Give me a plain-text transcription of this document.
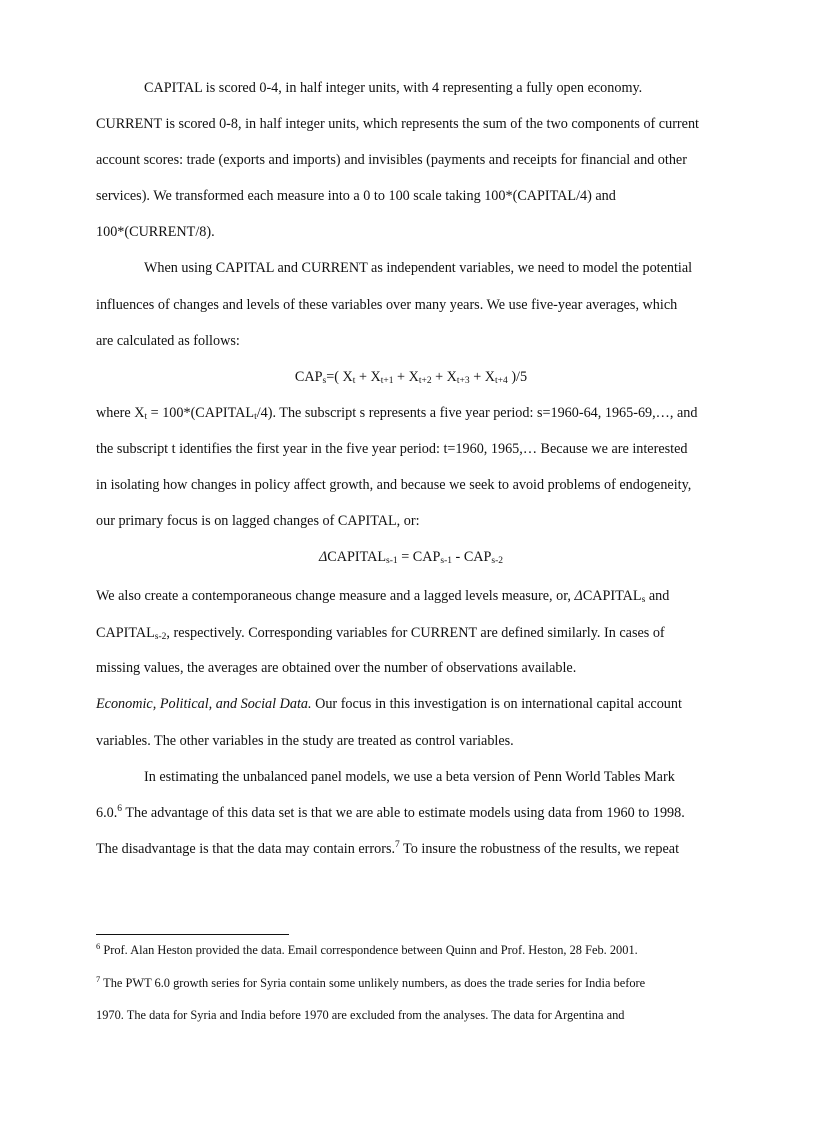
CAPITAL is scored 0-4, in half integer units, with 4 representing a fully open economy.
CURRENT is scored 0-8, in half integer units, which represents the sum of the two components of current
account scores: trade (exports and imports) and invisibles (payments and receipts for financial and other
services). We transformed each measure into a 0 to 100 scale taking 100*(CAPITAL/4) and
100*(CURRENT/8).
When using CAPITAL and CURRENT as independent variables, we need to model the potential
influences of changes and levels of these variables over many years. We use five-year averages, which
are calculated as follows:
$CAP_s=$( $X_t + X_{t+1} + X_{t+2} + X_{t+3} + X_{t+4}$ )/5
where $X_t$ = $100*(CAPITAL_t/4)$. The subscript s represents a five year period: s=1960-64, 1965-69,…, and
the subscript t identifies the first year in the five year period: t=1960, 1965,… Because we are interested
in isolating how changes in policy affect growth, and because we seek to avoid problems of endogeneity,
our primary focus is on lagged changes of CAPITAL, or:
$\Delta CAPITAL_{s-1} = CAP_{s-1} - CAP_{s-2}$
We also create a contemporaneous change measure and a lagged levels measure, or, $\Delta CAPITAL_s$ and
$CAPITAL_{s-2}$, respectively. Corresponding variables for CURRENT are defined similarly. In cases of
missing values, the averages are obtained over the number of observations available.
Economic, Political, and Social Data. Our focus in this investigation is on international capital account
variables. The other variables in the study are treated as control variables.
In estimating the unbalanced panel models, we use a beta version of Penn World Tables Mark
6.0.$^6$ The advantage of this data set is that we are able to estimate models using data from 1960 to 1998.
The disadvantage is that the data may contain errors.$^7$ To insure the robustness of the results, we repeat
$^6$ Prof. Alan Heston provided the data. Email correspondence between Quinn and Prof. Heston, 28 Feb. 2001.
$^7$ The PWT 6.0 growth series for Syria contain some unlikely numbers, as does the trade series for India before
1970. The data for Syria and India before 1970 are excluded from the analyses. The data for Argentina and
